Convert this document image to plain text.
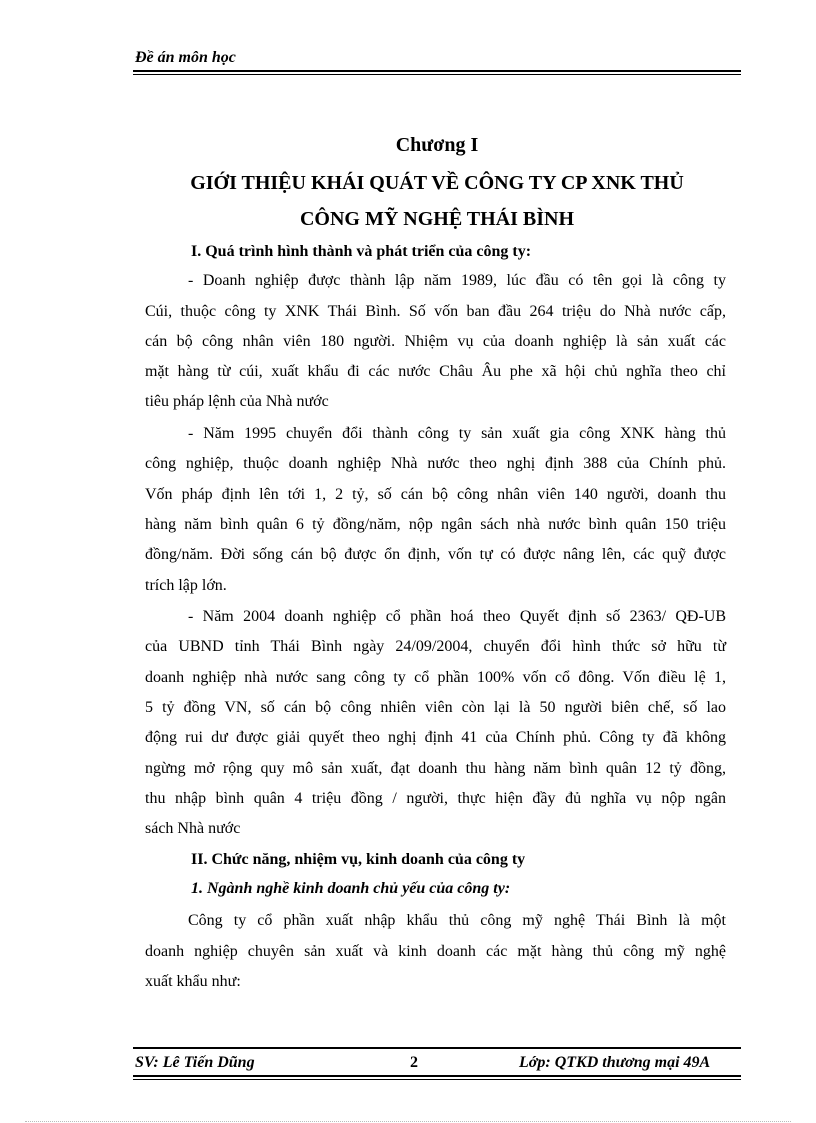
Đề án môn học
Chương I
GIỚI THIỆU KHÁI QUÁT VỀ CÔNG TY CP XNK THỦ
CÔNG MỸ NGHỆ THÁI BÌNH
I. Quá trình hình thành và phát triển của công ty:
- Doanh nghiệp được thành lập năm 1989, lúc đầu có tên gọi là công ty
Cúi, thuộc công ty XNK Thái Bình. Số vốn ban đầu 264 triệu do Nhà nước cấp,
cán bộ công nhân viên 180 người. Nhiệm vụ của doanh nghiệp là sản xuất các
mặt hàng từ cúi, xuất khẩu đi các nước Châu Âu phe xã hội chủ nghĩa theo chỉ
tiêu pháp lệnh của Nhà nước
- Năm 1995 chuyển đổi thành công ty sản xuất gia công XNK hàng thủ
công nghiệp, thuộc doanh nghiệp Nhà nước theo nghị định 388 của Chính phủ.
Vốn pháp định lên tới 1, 2 tỷ, số cán bộ công nhân viên 140 người, doanh thu
hàng năm bình quân 6 tỷ đồng/năm, nộp ngân sách nhà nước bình quân 150 triệu
đồng/năm. Đời sống cán bộ được ổn định, vốn tự có được nâng lên, các quỹ được
trích lập lớn.
- Năm 2004 doanh nghiệp cổ phần hoá theo Quyết định số 2363/ QĐ-UB
của UBND tỉnh Thái Bình ngày 24/09/2004, chuyển đổi hình thức sở hữu từ
doanh nghiệp nhà nước sang công ty cổ phần 100% vốn cổ đông. Vốn điều lệ 1,
5 tỷ đồng VN, số cán bộ công nhiên viên còn lại là 50 người biên chế, số lao
động rui dư được giải quyết theo nghị định 41 của Chính phủ. Công ty đã không
ngừng mở rộng quy mô sản xuất, đạt doanh thu hàng năm bình quân 12 tỷ đồng,
thu nhập bình quân 4 triệu đồng / người, thực hiện đầy đủ nghĩa vụ nộp ngân
sách Nhà nước
II. Chức năng, nhiệm vụ, kinh doanh của công ty
1. Ngành nghề kinh doanh chủ yếu của công ty:
Công ty cổ phần xuất nhập khẩu thủ công mỹ nghệ Thái Bình là một
doanh nghiệp chuyên sản xuất và kinh doanh các mặt hàng thủ công mỹ nghệ
xuất khẩu như:
SV: Lê Tiến Dũng	2	Lớp: QTKD thương mại 49A
